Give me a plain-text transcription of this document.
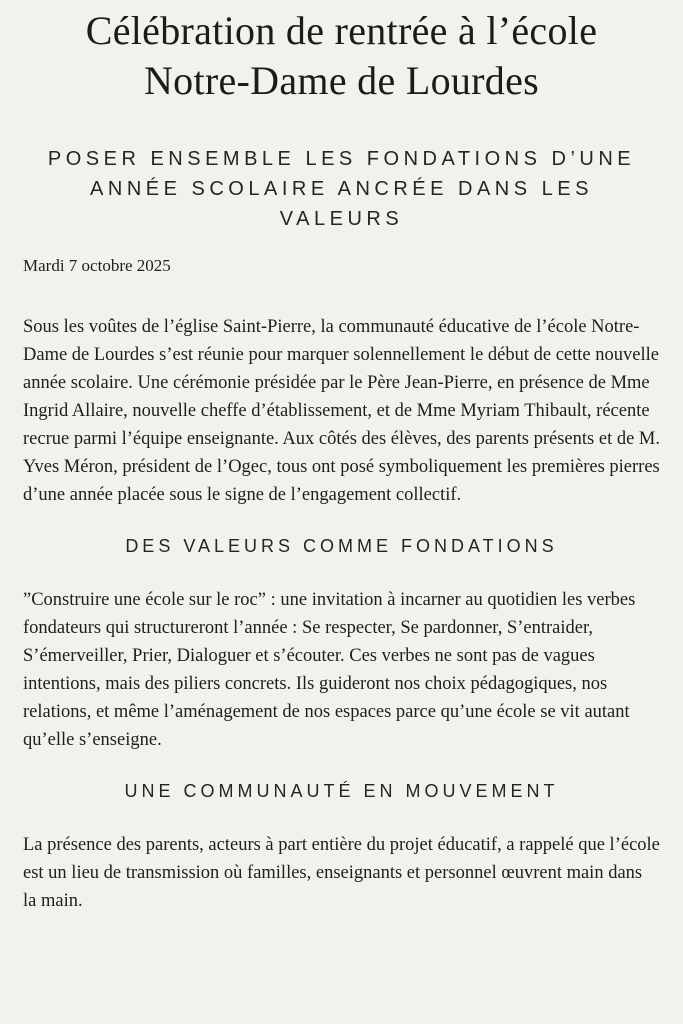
Célébration de rentrée à l’école
Notre-Dame de Lourdes
POSER ENSEMBLE LES FONDATIONS D’UNE
ANNÉE SCOLAIRE ANCRÉE DANS LES
VALEURS
Mardi 7 octobre 2025

Sous les voûtes de l’église Saint-Pierre, la communauté éducative de l’école Notre-Dame de Lourdes s’est réunie pour marquer solennellement le début de cette nouvelle année scolaire. Une cérémonie présidée par le Père Jean-Pierre, en présence de Mme Ingrid Allaire, nouvelle cheffe d’établissement, et de Mme Myriam Thibault, récente recrue parmi l’équipe enseignante. Aux côtés des élèves, des parents présents et de M. Yves Méron, président de l’Ogec, tous ont posé symboliquement les premières pierres d’une année placée sous le signe de l’engagement collectif.

DES VALEURS COMME FONDATIONS

”Construire une école sur le roc” : une invitation à incarner au quotidien les verbes fondateurs qui structureront l’année : Se respecter, Se pardonner, S’entraider, S’émerveiller, Prier, Dialoguer et s’écouter. Ces verbes ne sont pas de vagues intentions, mais des piliers concrets. Ils guideront nos choix pédagogiques, nos relations, et même l’aménagement de nos espaces parce qu’une école se vit autant qu’elle s’enseigne.

UNE COMMUNAUTÉ EN MOUVEMENT

La présence des parents, acteurs à part entière du projet éducatif, a rappelé que l’école est un lieu de transmission où familles, enseignants et personnel œuvrent main dans la main.
